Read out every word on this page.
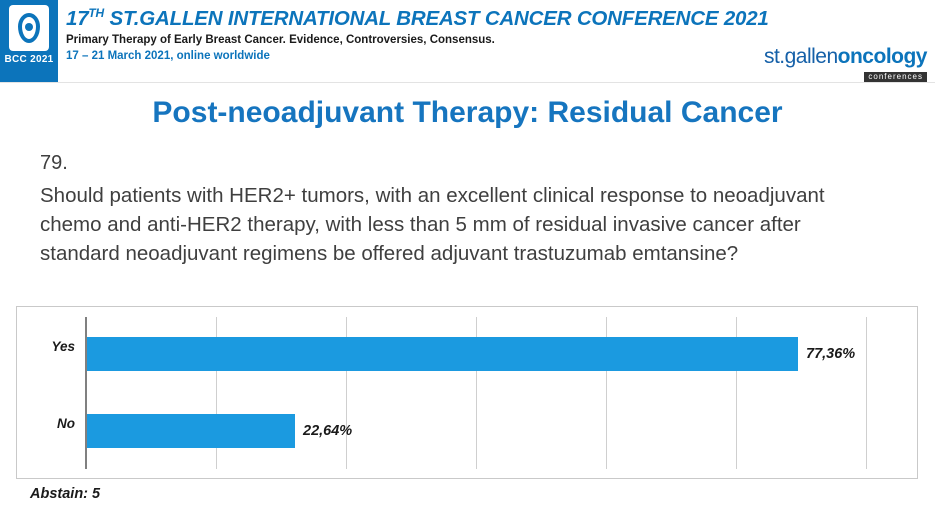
BCC 2021
17TH ST.GALLEN INTERNATIONAL BREAST CANCER CONFERENCE 2021
Primary Therapy of Early Breast Cancer. Evidence, Controversies, Consensus.
17 – 21 March 2021, online worldwide	st.gallenoncology
conferences
Post-neoadjuvant Therapy: Residual Cancer
79.
Should patients with HER2+ tumors, with an excellent clinical response to neoadjuvant chemo and anti-HER2 therapy, with less than 5 mm of residual invasive cancer after standard neoadjuvant regimens be offered adjuvant trastuzumab emtansine?
Yes
No
77,36%
22,64%
Abstain: 5
